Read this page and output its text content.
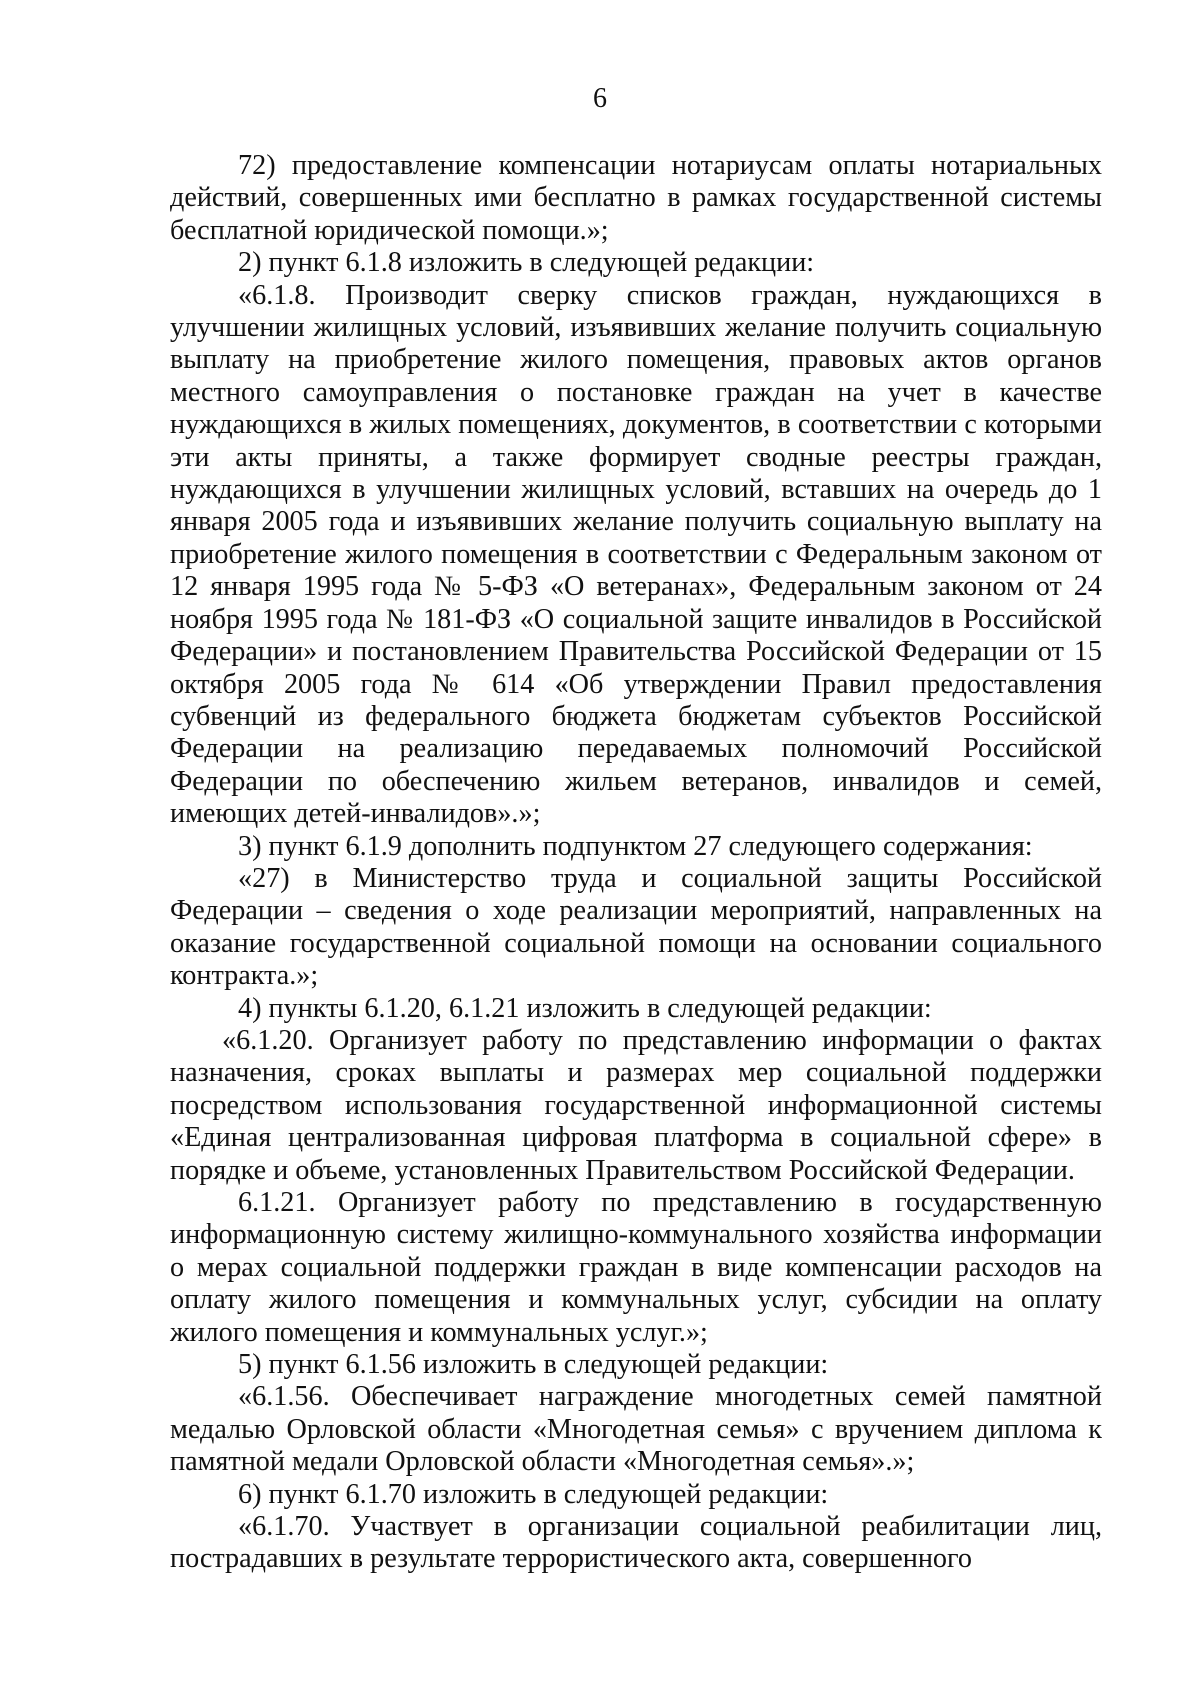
6

72) предоставление компенсации нотариусам оплаты нотариальных действий, совершенных ими бесплатно в рамках государственной системы бесплатной юридической помощи.»;

2) пункт 6.1.8 изложить в следующей редакции:

«6.1.8. Производит сверку списков граждан, нуждающихся в улучшении жилищных условий, изъявивших желание получить социальную выплату на приобретение жилого помещения, правовых актов органов местного самоуправления о постановке граждан на учет в качестве нуждающихся в жилых помещениях, документов, в соответствии с которыми эти акты приняты, а также формирует сводные реестры граждан, нуждающихся в улучшении жилищных условий, вставших на очередь до 1 января 2005 года и изъявивших желание получить социальную выплату на приобретение жилого помещения в соответствии с Федеральным законом от 12 января 1995 года № 5-ФЗ «О ветеранах», Федеральным законом от 24 ноября 1995 года № 181-ФЗ «О социальной защите инвалидов в Российской Федерации» и постановлением Правительства Российской Федерации от 15 октября 2005 года № 614 «Об утверждении Правил предоставления субвенций из федерального бюджета бюджетам субъектов Российской Федерации на реализацию передаваемых полномочий Российской Федерации по обеспечению жильем ветеранов, инвалидов и семей, имеющих детей-инвалидов».»;

3) пункт 6.1.9 дополнить подпунктом 27 следующего содержания:

«27) в Министерство труда и социальной защиты Российской Федерации – сведения о ходе реализации мероприятий, направленных на оказание государственной социальной помощи на основании социального контракта.»;

4) пункты 6.1.20, 6.1.21 изложить в следующей редакции:

«6.1.20. Организует работу по представлению информации о фактах назначения, сроках выплаты и размерах мер социальной поддержки посредством использования государственной информационной системы «Единая централизованная цифровая платформа в социальной сфере» в порядке и объеме, установленных Правительством Российской Федерации.

6.1.21. Организует работу по представлению в государственную информационную систему жилищно-коммунального хозяйства информации о мерах социальной поддержки граждан в виде компенсации расходов на оплату жилого помещения и коммунальных услуг, субсидии на оплату жилого помещения и коммунальных услуг.»;

5) пункт 6.1.56 изложить в следующей редакции:

«6.1.56. Обеспечивает награждение многодетных семей памятной медалью Орловской области «Многодетная семья» с вручением диплома к памятной медали Орловской области «Многодетная семья».»;

6) пункт 6.1.70 изложить в следующей редакции:

«6.1.70. Участвует в организации социальной реабилитации лиц, пострадавших в результате террористического акта, совершенного
